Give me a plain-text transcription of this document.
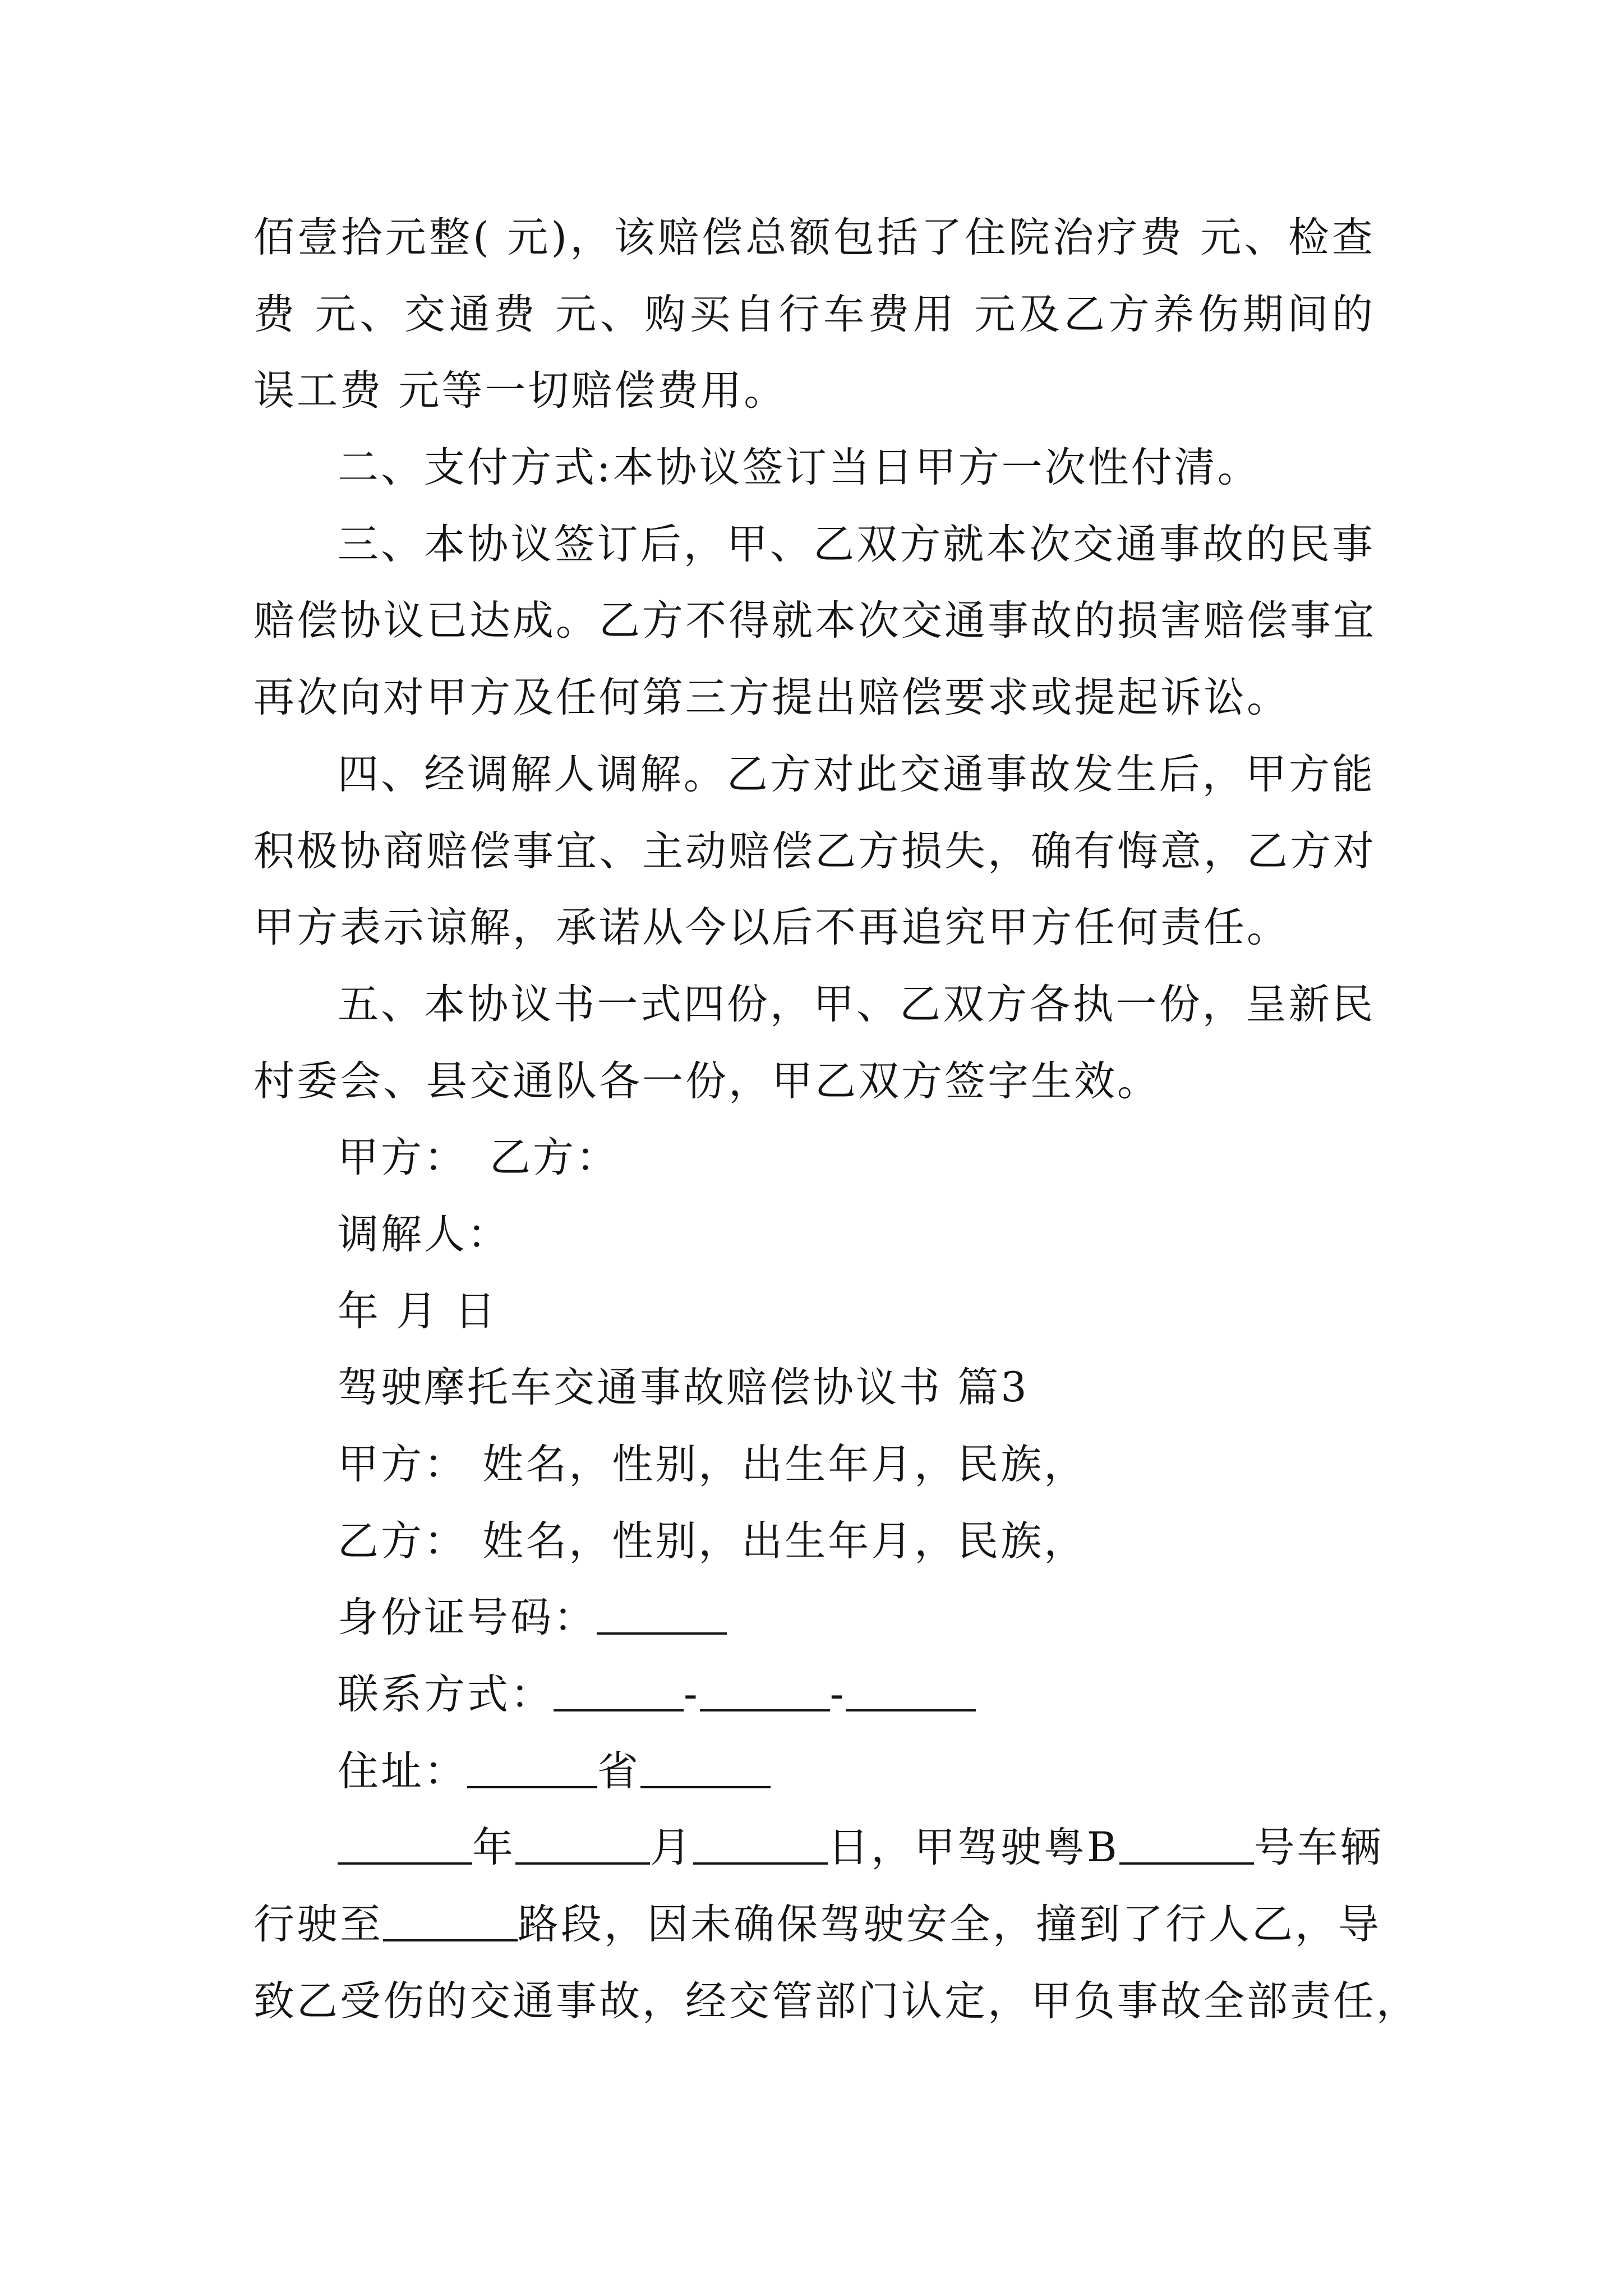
佰壹拾元整( 元)，该赔偿总额包括了住院治疗费 元、检查
费 元、交通费 元、购买自行车费用 元及乙方养伤期间的
误工费 元等一切赔偿费用。
二、支付方式:本协议签订当日甲方一次性付清。
三、本协议签订后，甲、乙双方就本次交通事故的民事
赔偿协议已达成。乙方不得就本次交通事故的损害赔偿事宜
再次向对甲方及任何第三方提出赔偿要求或提起诉讼。
四、经调解人调解。乙方对此交通事故发生后，甲方能
积极协商赔偿事宜、主动赔偿乙方损失，确有悔意，乙方对
甲方表示谅解，承诺从今以后不再追究甲方任何责任。
五、本协议书一式四份，甲、乙双方各执一份，呈新民
村委会、县交通队各一份，甲乙双方签字生效。
甲方： 乙方：
调解人：
年 月 日
驾驶摩托车交通事故赔偿协议书 篇3
甲方： 姓名，性别，出生年月，民族，
乙方： 姓名，性别，出生年月，民族，
身份证号码：
联系方式：	-	-
住址：	省
年	月	日，甲驾驶粤B	号车辆
行驶至	路段，因未确保驾驶安全，撞到了行人乙，导
致乙受伤的交通事故，经交管部门认定，甲负事故全部责任，
